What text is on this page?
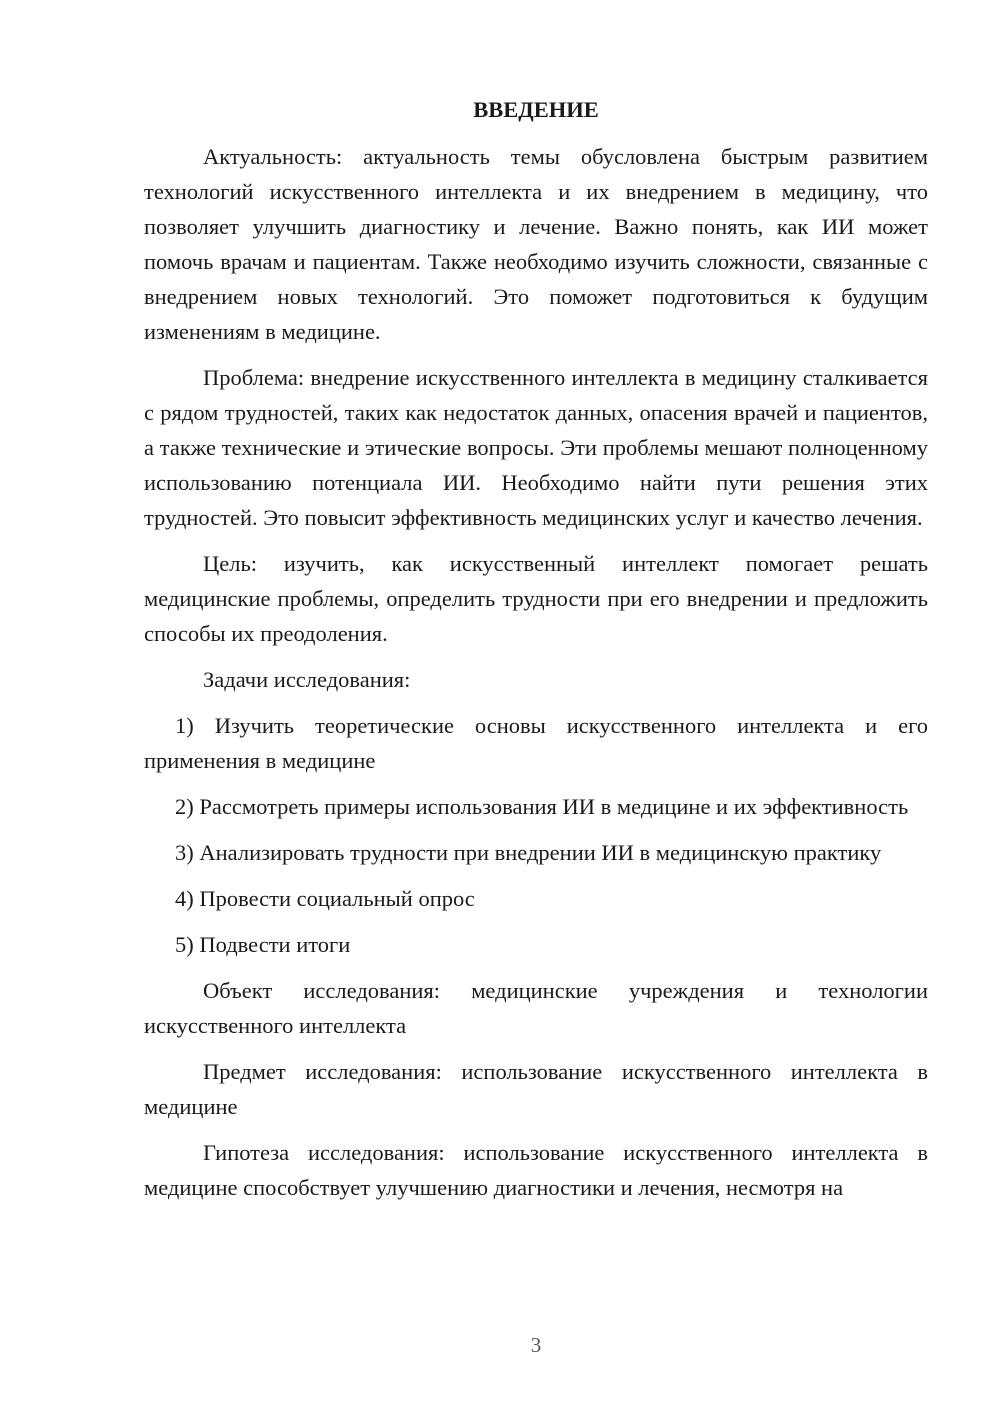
ВВЕДЕНИЕ

Актуальность: актуальность темы обусловлена быстрым развитием технологий искусственного интеллекта и их внедрением в медицину, что позволяет улучшить диагностику и лечение. Важно понять, как ИИ может помочь врачам и пациентам. Также необходимо изучить сложности, связанные с внедрением новых технологий. Это поможет подготовиться к будущим изменениям в медицине.

Проблема: внедрение искусственного интеллекта в медицину сталкивается с рядом трудностей, таких как недостаток данных, опасения врачей и пациентов, а также технические и этические вопросы. Эти проблемы мешают полноценному использованию потенциала ИИ. Необходимо найти пути решения этих трудностей. Это повысит эффективность медицинских услуг и качество лечения.

Цель: изучить, как искусственный интеллект помогает решать медицинские проблемы, определить трудности при его внедрении и предложить способы их преодоления.

Задачи исследования:

1) Изучить теоретические основы искусственного интеллекта и его применения в медицине

2) Рассмотреть примеры использования ИИ в медицине и их эффективность

3) Анализировать трудности при внедрении ИИ в медицинскую практику

4) Провести социальный опрос

5) Подвести итоги

Объект исследования: медицинские учреждения и технологии искусственного интеллекта

Предмет исследования: использование искусственного интеллекта в медицине

Гипотеза исследования: использование искусственного интеллекта в медицине способствует улучшению диагностики и лечения, несмотря на

3
